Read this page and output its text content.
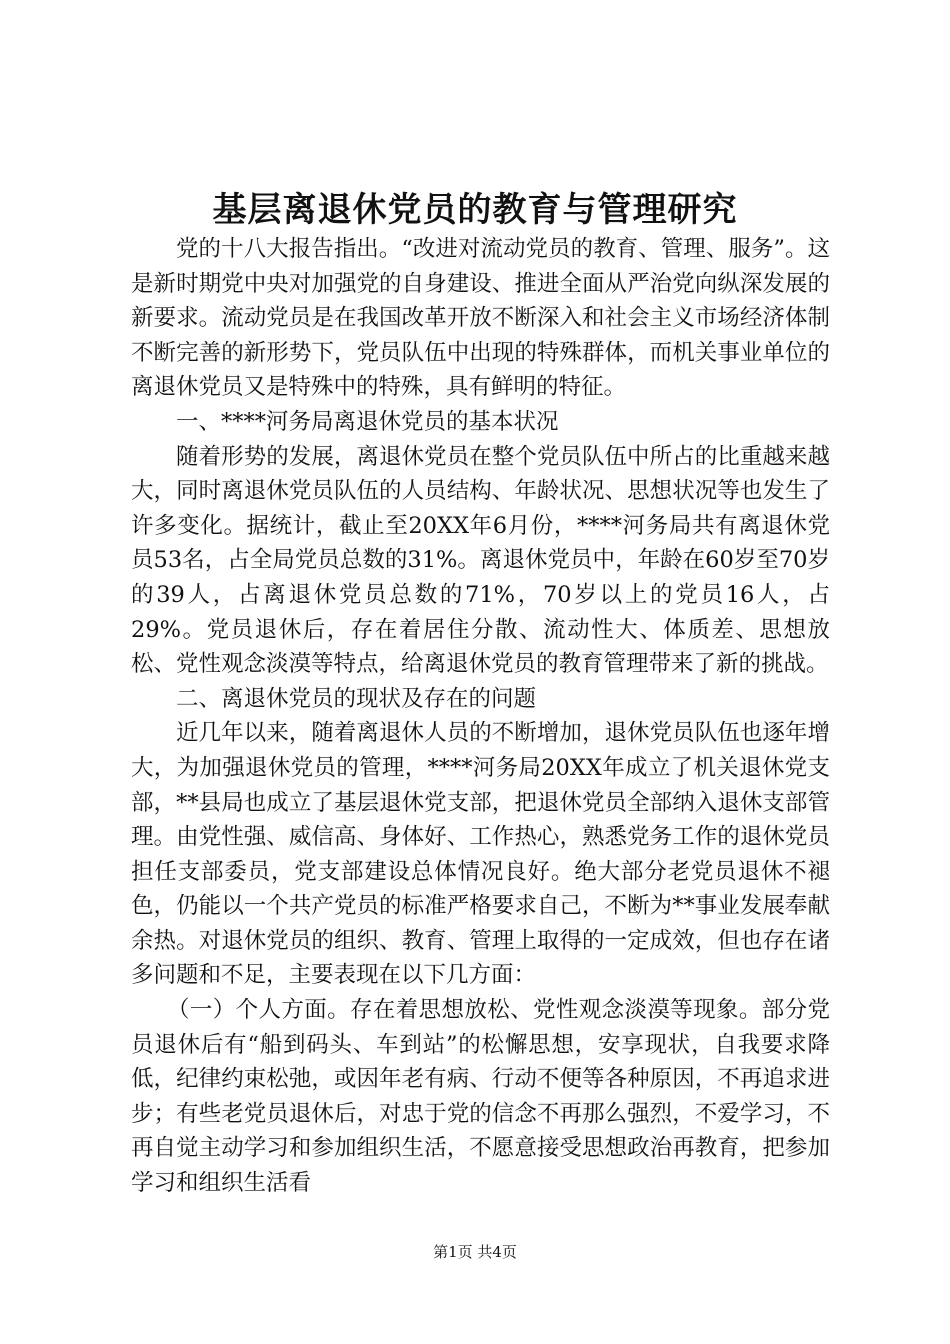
基层离退休党员的教育与管理研究

党的十八大报告指出。“改进对流动党员的教育、管理、服务”。这是新时期党中央对加强党的自身建设、推进全面从严治党向纵深发展的新要求。流动党员是在我国改革开放不断深入和社会主义市场经济体制不断完善的新形势下，党员队伍中出现的特殊群体，而机关事业单位的离退休党员又是特殊中的特殊，具有鲜明的特征。

一、****河务局离退休党员的基本状况

随着形势的发展，离退休党员在整个党员队伍中所占的比重越来越大，同时离退休党员队伍的人员结构、年龄状况、思想状况等也发生了许多变化。据统计，截止至20XX年6月份，****河务局共有离退休党员53名，占全局党员总数的31%。离退休党员中，年龄在60岁至70岁的39人，占离退休党员总数的71%，70岁以上的党员16人，占29%。党员退休后，存在着居住分散、流动性大、体质差、思想放松、党性观念淡漠等特点，给离退休党员的教育管理带来了新的挑战。

二、离退休党员的现状及存在的问题

近几年以来，随着离退休人员的不断增加，退休党员队伍也逐年增大，为加强退休党员的管理，****河务局20XX年成立了机关退休党支部，**县局也成立了基层退休党支部，把退休党员全部纳入退休支部管理。由党性强、威信高、身体好、工作热心，熟悉党务工作的退休党员担任支部委员，党支部建设总体情况良好。绝大部分老党员退休不褪色，仍能以一个共产党员的标准严格要求自己，不断为**事业发展奉献余热。对退休党员的组织、教育、管理上取得的一定成效，但也存在诸多问题和不足，主要表现在以下几方面：

（一）个人方面。存在着思想放松、党性观念淡漠等现象。部分党员退休后有“船到码头、车到站”的松懈思想，安享现状，自我要求降低，纪律约束松弛，或因年老有病、行动不便等各种原因，不再追求进步；有些老党员退休后，对忠于党的信念不再那么强烈，不爱学习，不再自觉主动学习和参加组织生活，不愿意接受思想政治再教育，把参加学习和组织生活看

第1页 共4页
